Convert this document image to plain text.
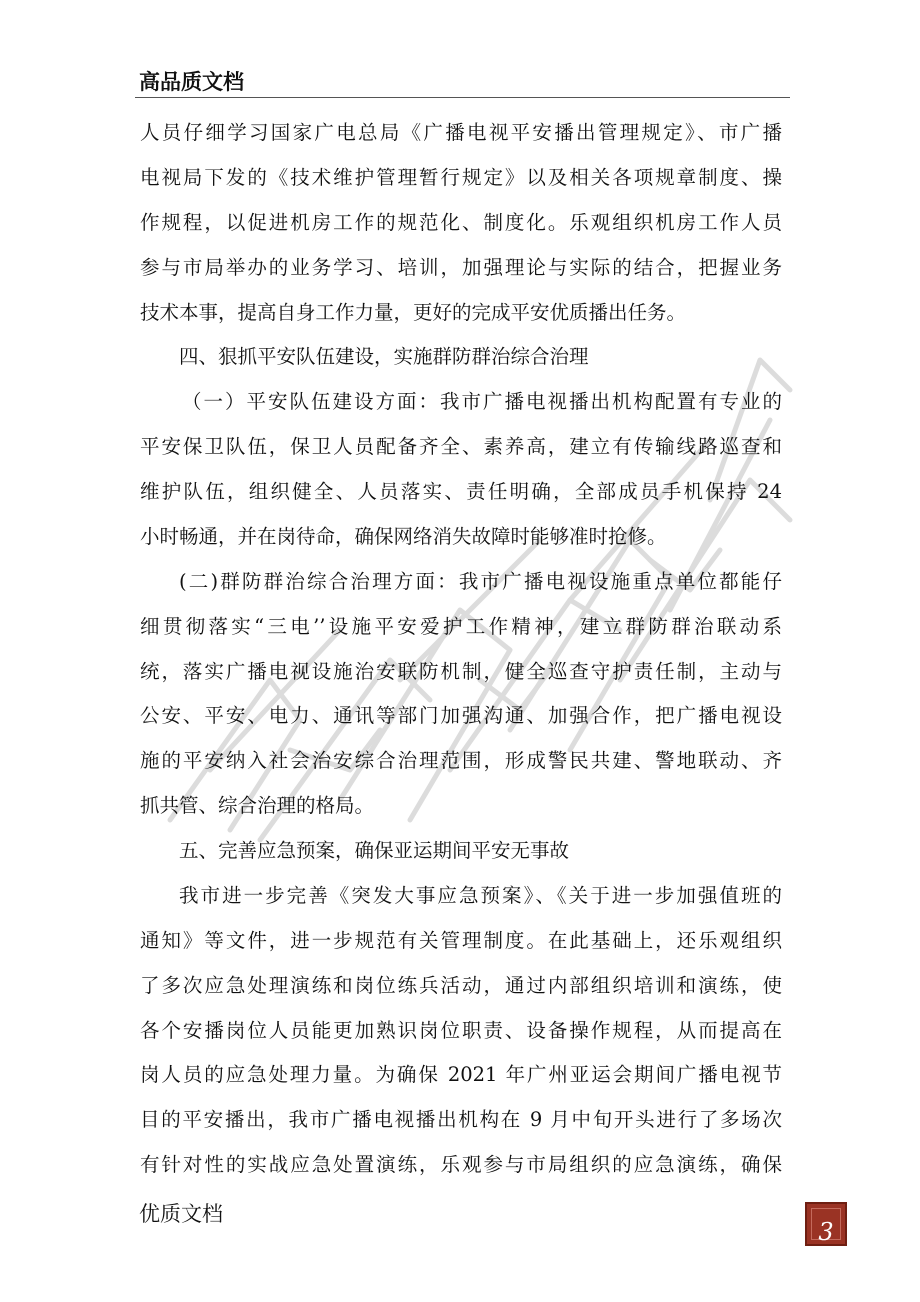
高品质文档
人员仔细学习国家广电总局《广播电视平安播出管理规定》、市广播
电视局下发的《技术维护管理暂行规定》以及相关各项规章制度、操
作规程，以促进机房工作的规范化、制度化。乐观组织机房工作人员
参与市局举办的业务学习、培训，加强理论与实际的结合，把握业务
技术本事，提高自身工作力量，更好的完成平安优质播出任务。
四、狠抓平安队伍建设，实施群防群治综合治理
（一）平安队伍建设方面：我市广播电视播出机构配置有专业的
平安保卫队伍，保卫人员配备齐全、素养高，建立有传输线路巡查和
维护队伍，组织健全、人员落实、责任明确，全部成员手机保持 24
小时畅通，并在岗待命，确保网络消失故障时能够准时抢修。
(二)群防群治综合治理方面：我市广播电视设施重点单位都能仔
细贯彻落实“三电’’设施平安爱护工作精神，建立群防群治联动系
统，落实广播电视设施治安联防机制，健全巡查守护责任制，主动与
公安、平安、电力、通讯等部门加强沟通、加强合作，把广播电视设
施的平安纳入社会治安综合治理范围，形成警民共建、警地联动、齐
抓共管、综合治理的格局。
五、完善应急预案，确保亚运期间平安无事故
我市进一步完善《突发大事应急预案》、《关于进一步加强值班的
通知》等文件，进一步规范有关管理制度。在此基础上，还乐观组织
了多次应急处理演练和岗位练兵活动，通过内部组织培训和演练，使
各个安播岗位人员能更加熟识岗位职责、设备操作规程，从而提高在
岗人员的应急处理力量。为确保 2021 年广州亚运会期间广播电视节
目的平安播出，我市广播电视播出机构在 9 月中旬开头进行了多场次
有针对性的实战应急处置演练，乐观参与市局组织的应急演练，确保
优质文档
3
